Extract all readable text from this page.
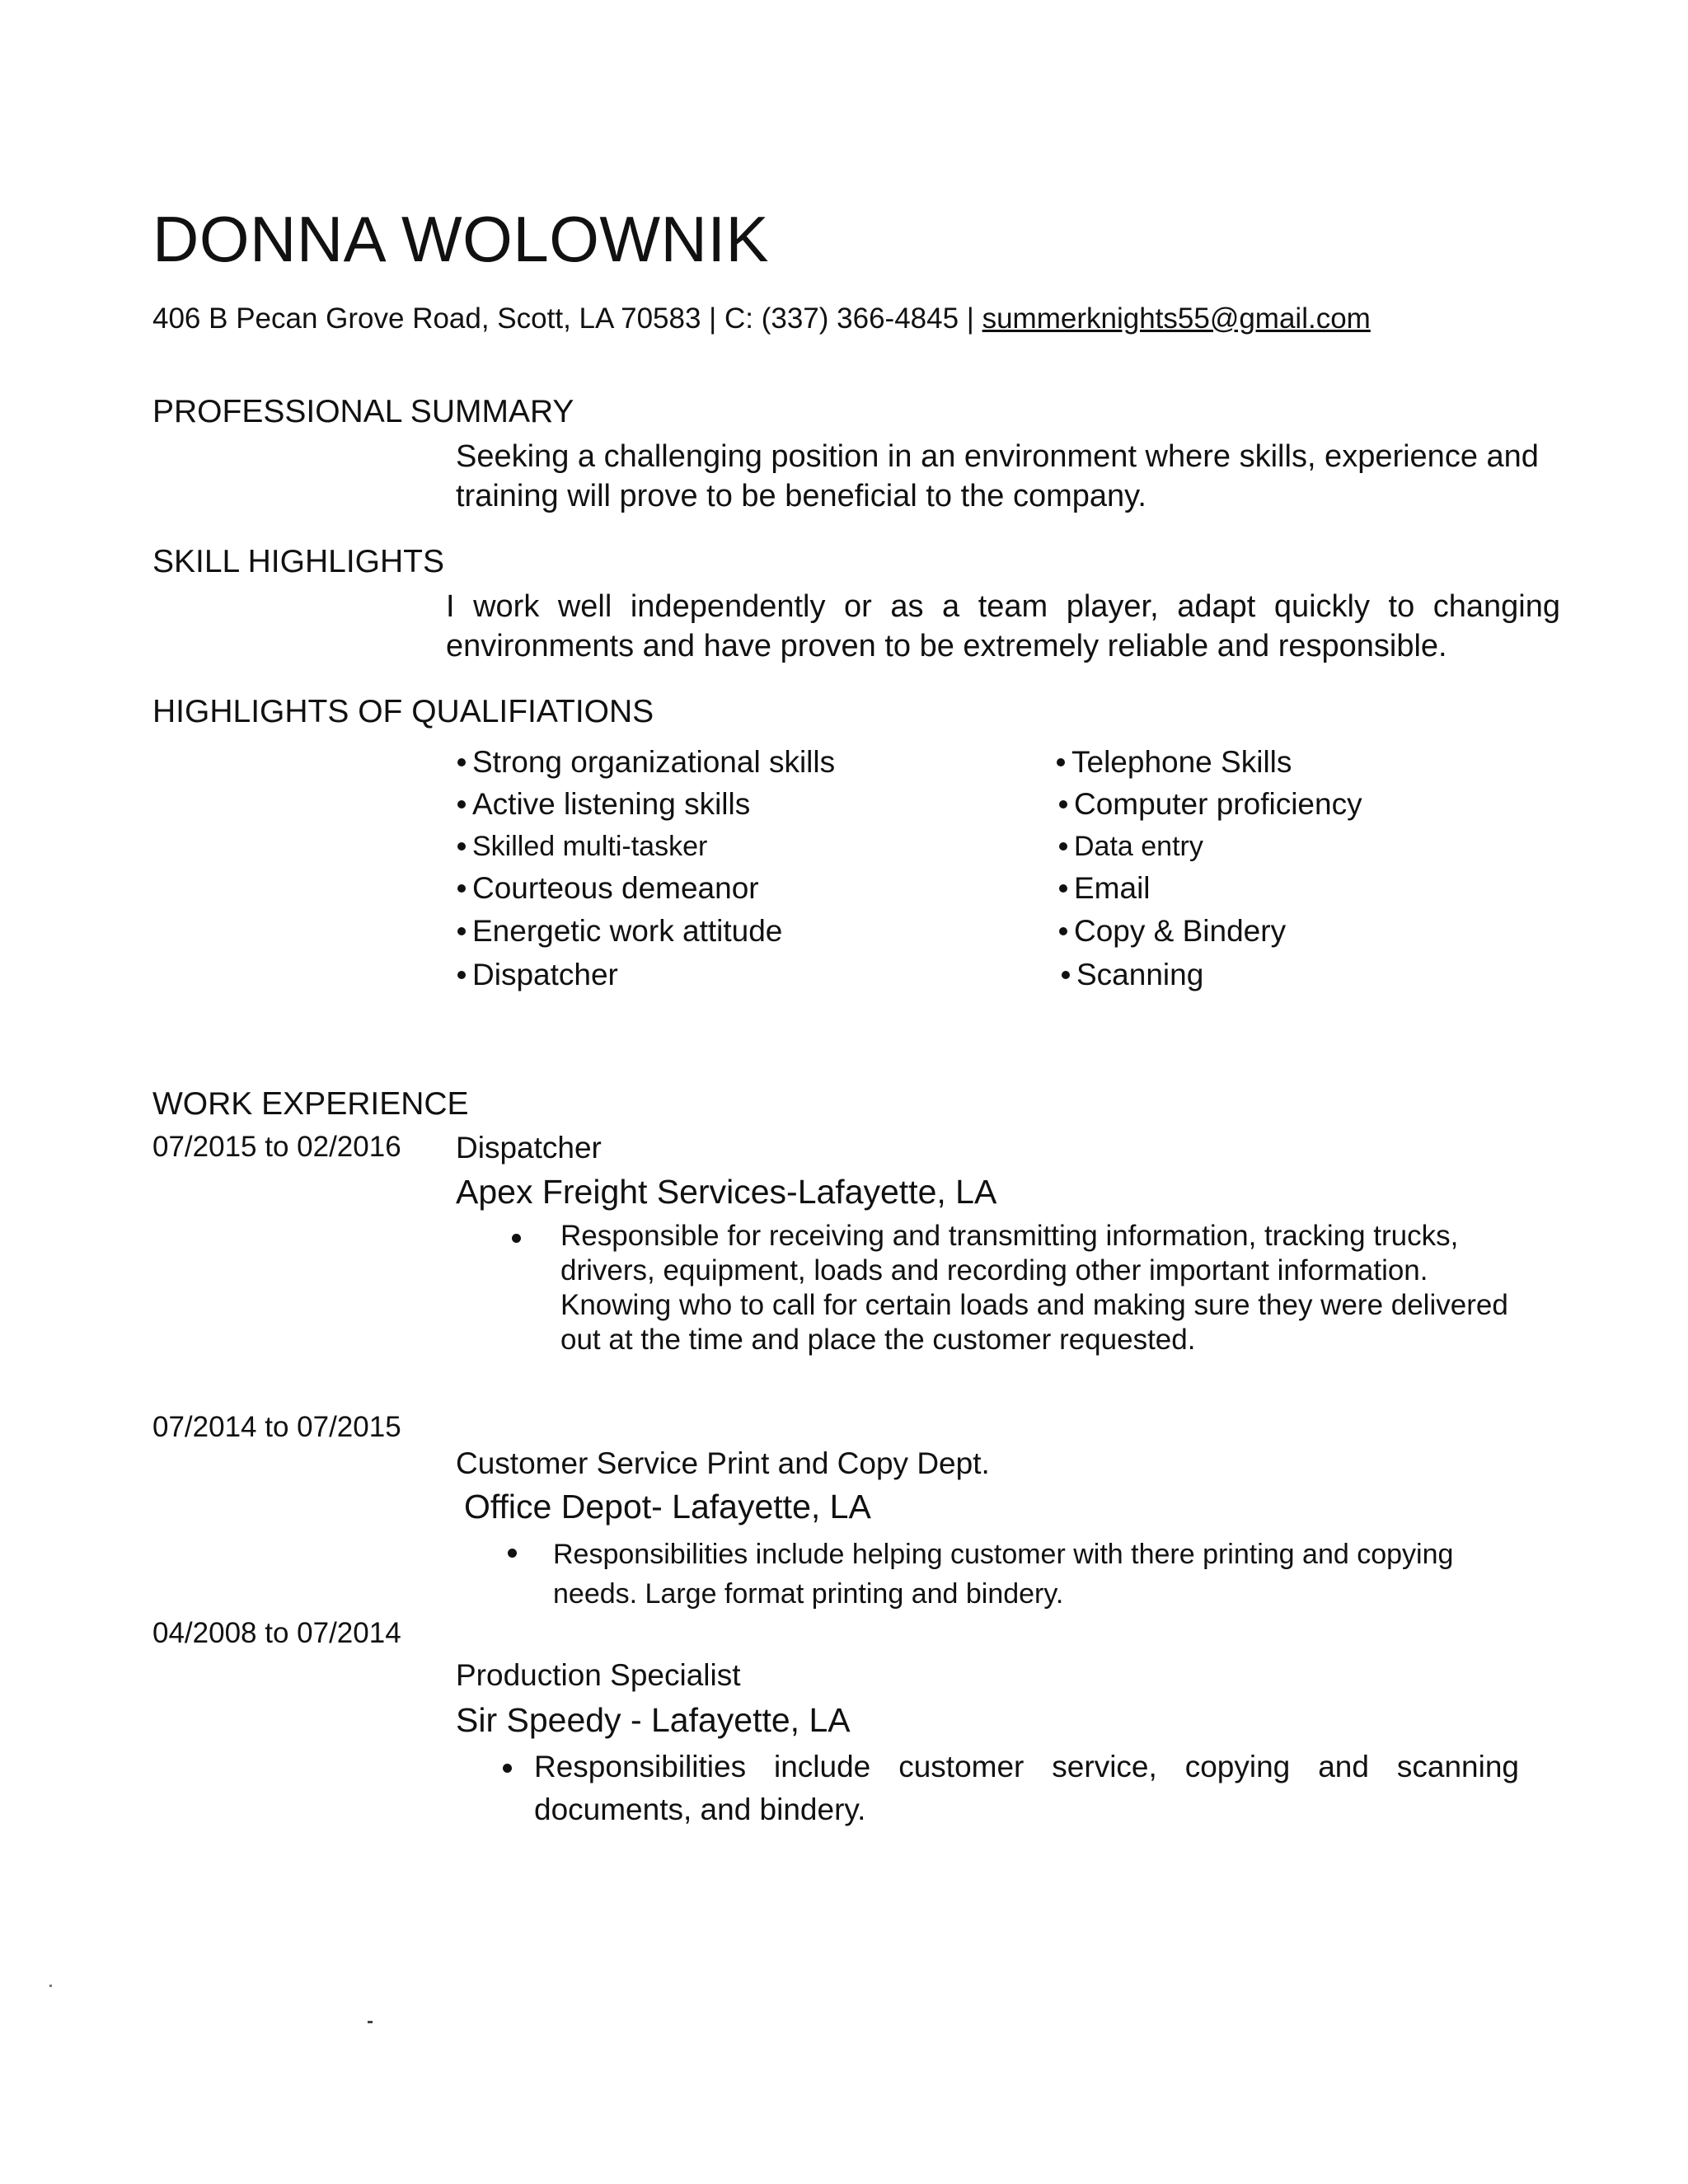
DONNA WOLOWNIK
406 B Pecan Grove Road, Scott, LA 70583 | C: (337) 366-4845 | summerknights55@gmail.com
PROFESSIONAL SUMMARY
Seeking a challenging position in an environment where skills, experience and training will prove to be beneficial to the company.
SKILL HIGHLIGHTS
I work well independently or as a team player, adapt quickly to changing environments and have proven to be extremely reliable and responsible.
HIGHLIGHTS OF QUALIFIATIONS
Strong organizational skills
Active listening skills
Skilled multi-tasker
Courteous demeanor
Energetic work attitude
Dispatcher
Telephone Skills
Computer proficiency
Data entry
Email
Copy & Bindery
Scanning
WORK EXPERIENCE
07/2015 to 02/2016 Dispatcher
Apex Freight Services-Lafayette, LA
Responsible for receiving and transmitting information, tracking trucks, drivers, equipment, loads and recording other important information. Knowing who to call for certain loads and making sure they were delivered out at the time and place the customer requested.
07/2014 to 07/2015
Customer Service Print and Copy Dept.
Office Depot- Lafayette, LA
Responsibilities include helping customer with there printing and copying needs. Large format printing and bindery.
04/2008 to 07/2014
Production Specialist
Sir Speedy - Lafayette, LA
Responsibilities include customer service, copying and scanning documents, and bindery.
